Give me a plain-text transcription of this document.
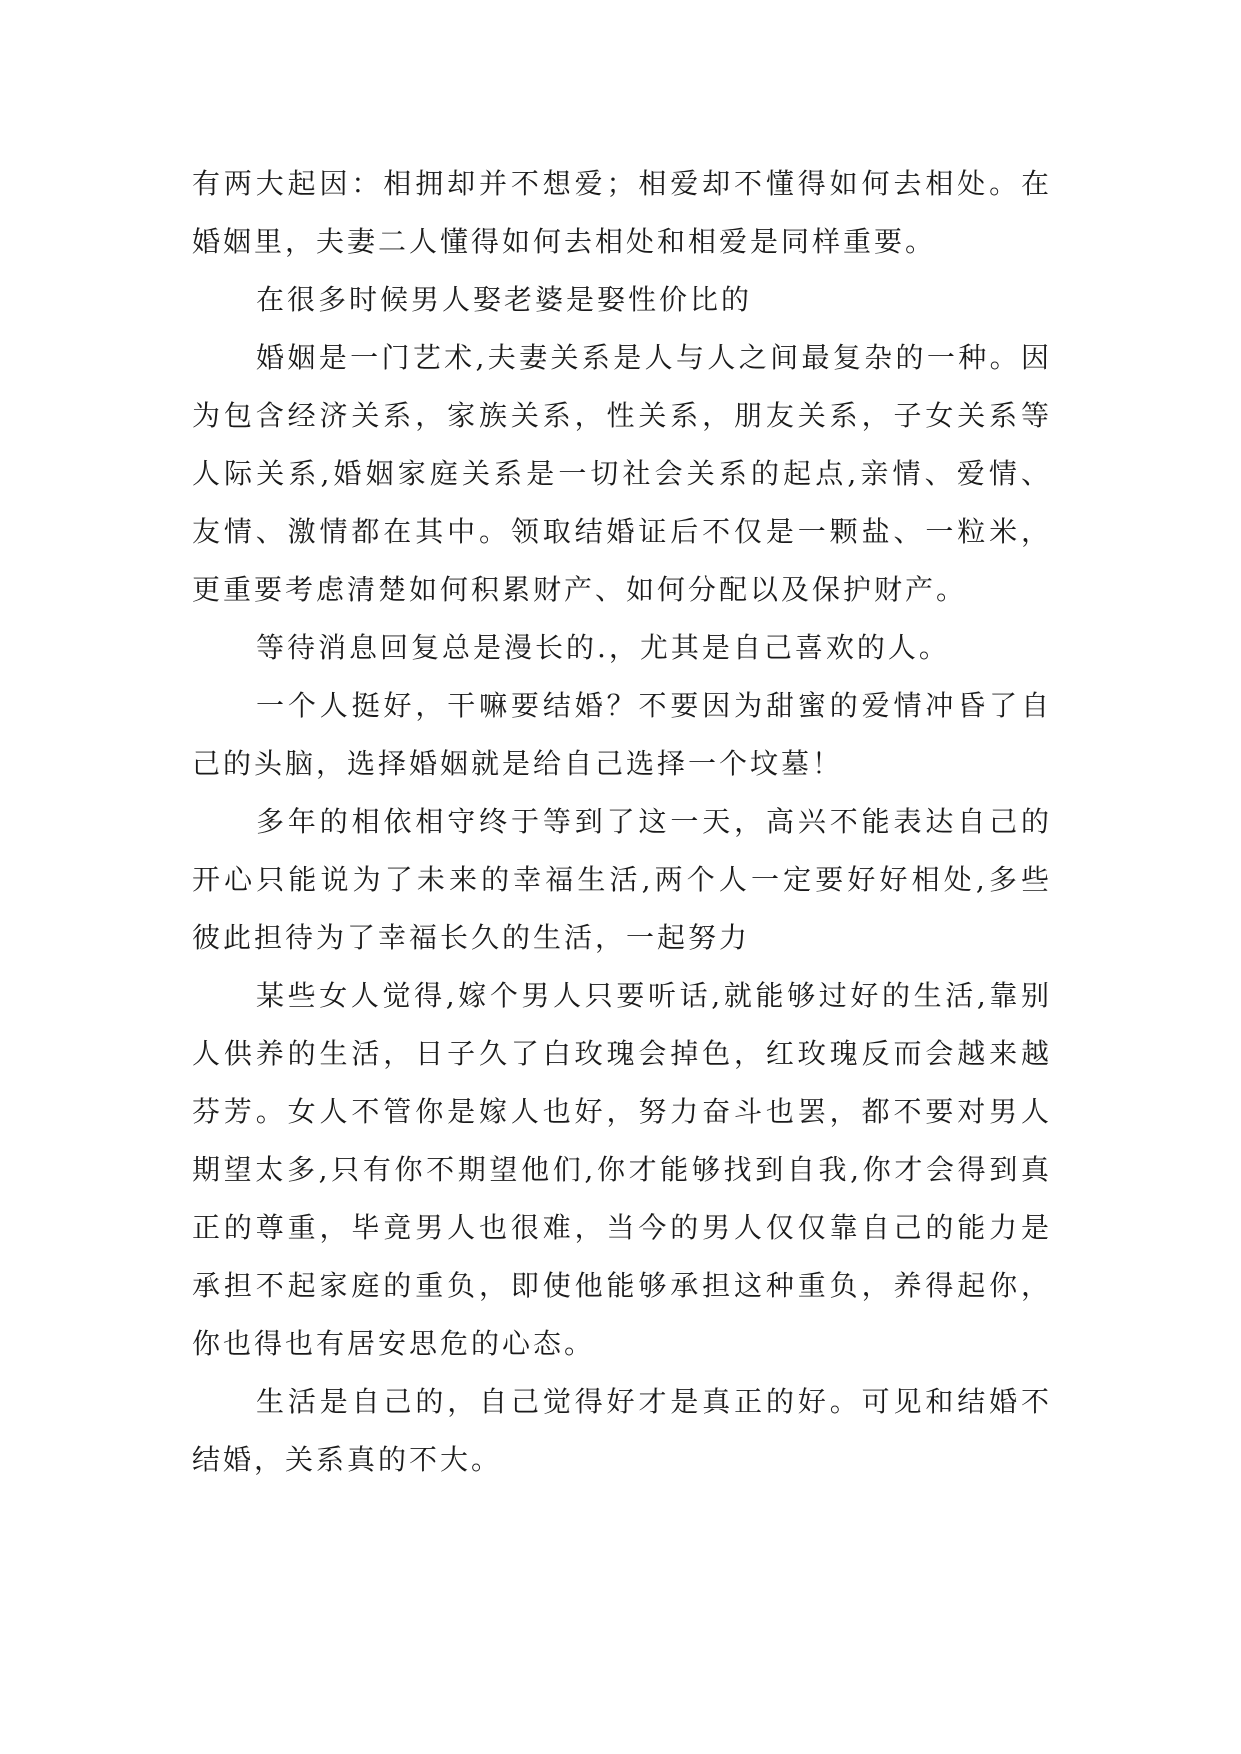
有两大起因：相拥却并不想爱；相爱却不懂得如何去相处。在婚姻里，夫妻二人懂得如何去相处和相爱是同样重要。

在很多时候男人娶老婆是娶性价比的

婚姻是一门艺术,夫妻关系是人与人之间最复杂的一种。因为包含经济关系，家族关系，性关系，朋友关系，子女关系等人际关系,婚姻家庭关系是一切社会关系的起点,亲情、爱情、友情、激情都在其中。领取结婚证后不仅是一颗盐、一粒米，更重要考虑清楚如何积累财产、如何分配以及保护财产。

等待消息回复总是漫长的.，尤其是自己喜欢的人。

一个人挺好，干嘛要结婚？不要因为甜蜜的爱情冲昏了自己的头脑，选择婚姻就是给自己选择一个坟墓！

多年的相依相守终于等到了这一天，高兴不能表达自己的开心只能说为了未来的幸福生活,两个人一定要好好相处,多些彼此担待为了幸福长久的生活，一起努力

某些女人觉得,嫁个男人只要听话,就能够过好的生活,靠别人供养的生活，日子久了白玫瑰会掉色，红玫瑰反而会越来越芬芳。女人不管你是嫁人也好，努力奋斗也罢，都不要对男人期望太多,只有你不期望他们,你才能够找到自我,你才会得到真正的尊重，毕竟男人也很难，当今的男人仅仅靠自己的能力是承担不起家庭的重负，即使他能够承担这种重负，养得起你，你也得也有居安思危的心态。

生活是自己的，自己觉得好才是真正的好。可见和结婚不结婚，关系真的不大。
